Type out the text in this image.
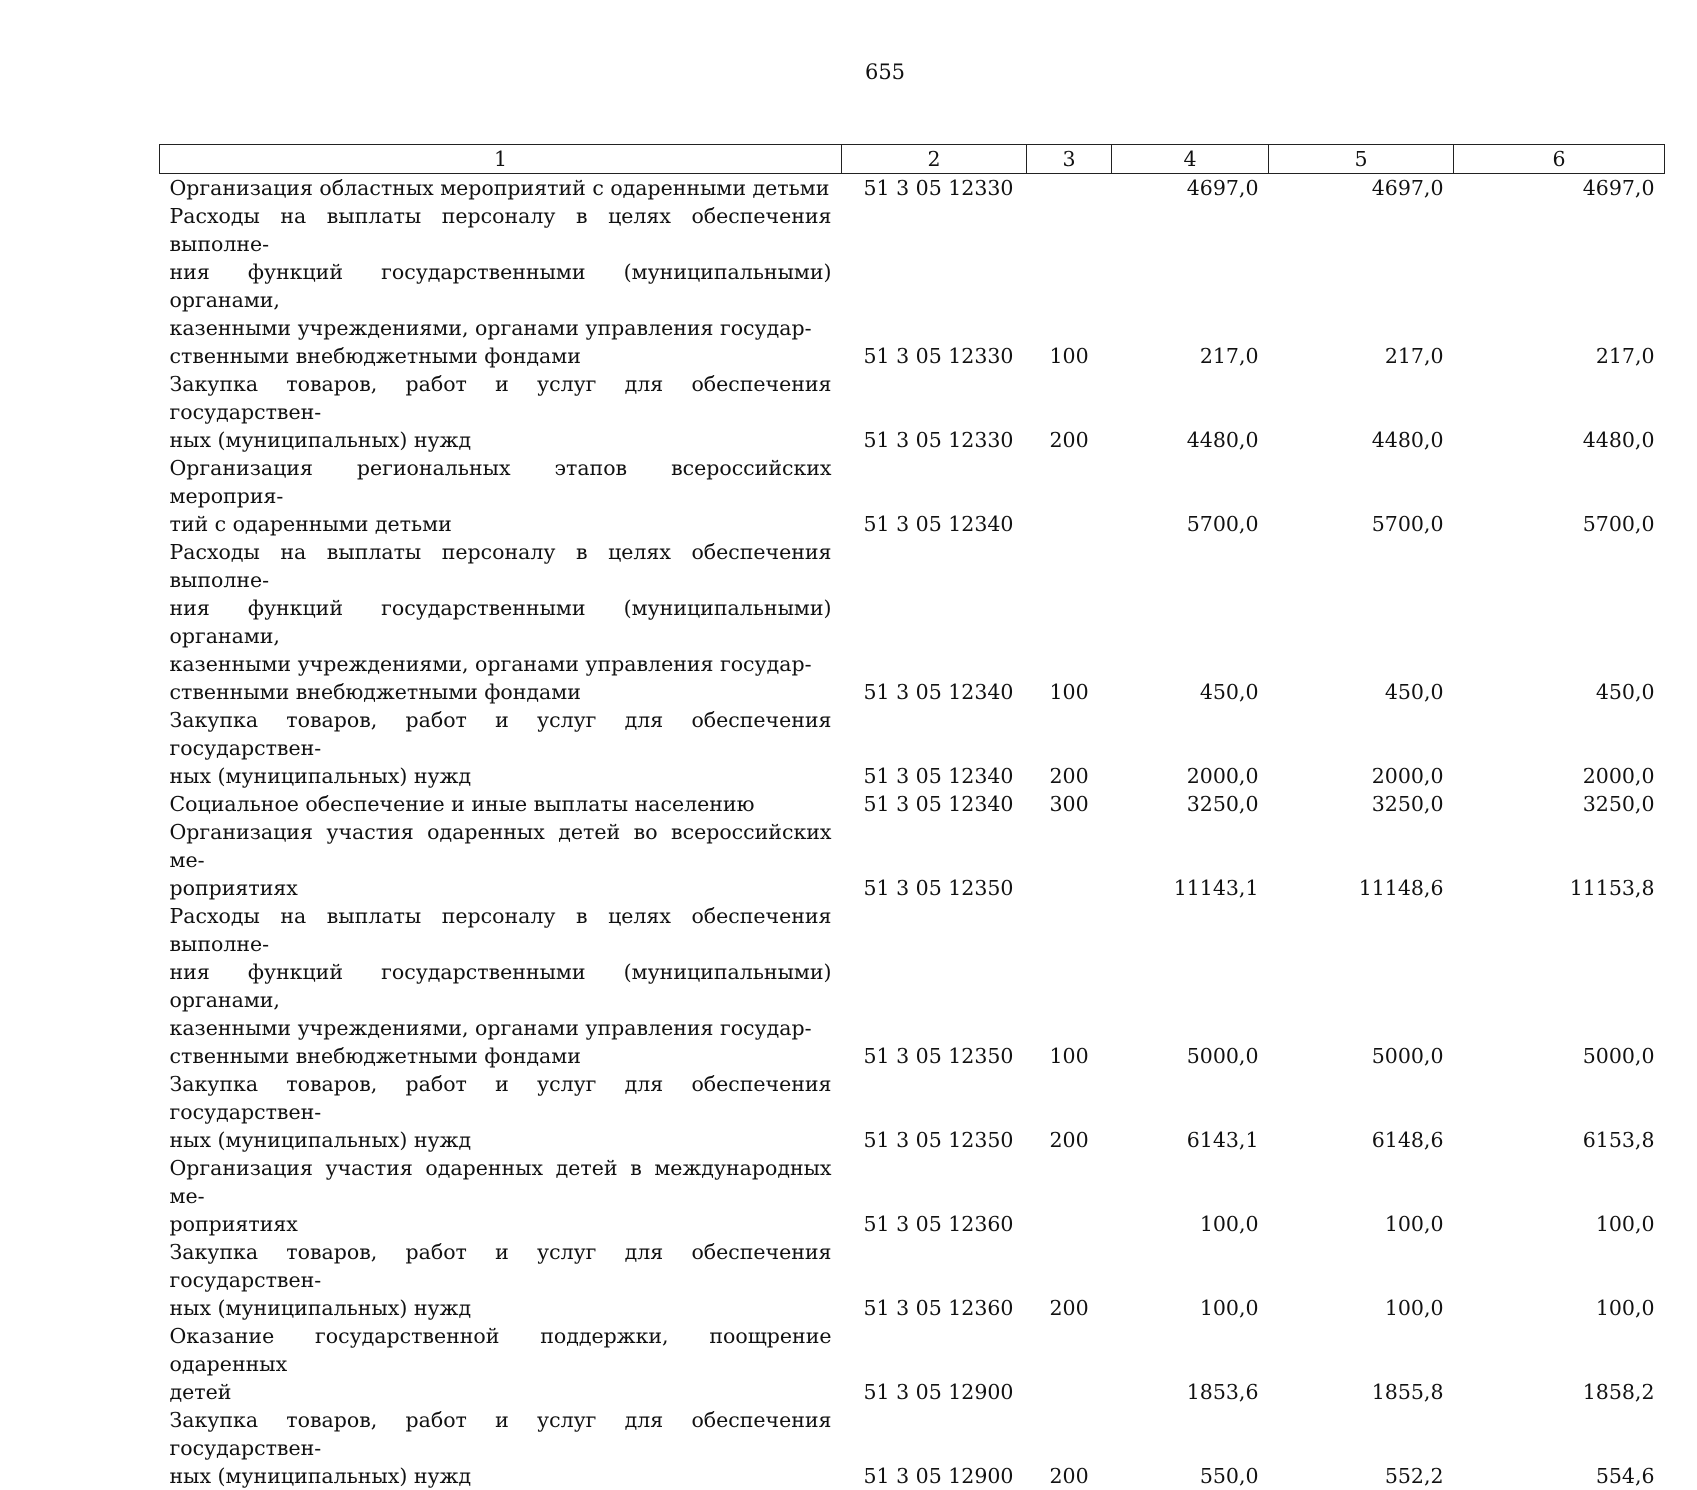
655
1	2	3	4	5	6

Организация областных мероприятий с одаренными детьми	51 3 05 12330		4697,0	4697,0	4697,0

Расходы на выплаты персоналу в целях обеспечения выполне-
ния функций государственными (муниципальными) органами,
казенными учреждениями, органами управления государ-
ственными внебюджетными фондами	51 3 05 12330	100	217,0	217,0	217,0

Закупка товаров, работ и услуг для обеспечения государствен-
ных (муниципальных) нужд	51 3 05 12330	200	4480,0	4480,0	4480,0

Организация региональных этапов всероссийских мероприя-
тий с одаренными детьми	51 3 05 12340		5700,0	5700,0	5700,0

Расходы на выплаты персоналу в целях обеспечения выполне-
ния функций государственными (муниципальными) органами,
казенными учреждениями, органами управления государ-
ственными внебюджетными фондами	51 3 05 12340	100	450,0	450,0	450,0

Закупка товаров, работ и услуг для обеспечения государствен-
ных (муниципальных) нужд	51 3 05 12340	200	2000,0	2000,0	2000,0

Социальное обеспечение и иные выплаты населению	51 3 05 12340	300	3250,0	3250,0	3250,0

Организация участия одаренных детей во всероссийских ме-
роприятиях	51 3 05 12350		11143,1	11148,6	11153,8

Расходы на выплаты персоналу в целях обеспечения выполне-
ния функций государственными (муниципальными) органами,
казенными учреждениями, органами управления государ-
ственными внебюджетными фондами	51 3 05 12350	100	5000,0	5000,0	5000,0

Закупка товаров, работ и услуг для обеспечения государствен-
ных (муниципальных) нужд	51 3 05 12350	200	6143,1	6148,6	6153,8

Организация участия одаренных детей в международных ме-
роприятиях	51 3 05 12360		100,0	100,0	100,0

Закупка товаров, работ и услуг для обеспечения государствен-
ных (муниципальных) нужд	51 3 05 12360	200	100,0	100,0	100,0

Оказание государственной поддержки, поощрение одаренных
детей	51 3 05 12900		1853,6	1855,8	1858,2

Закупка товаров, работ и услуг для обеспечения государствен-
ных (муниципальных) нужд	51 3 05 12900	200	550,0	552,2	554,6
